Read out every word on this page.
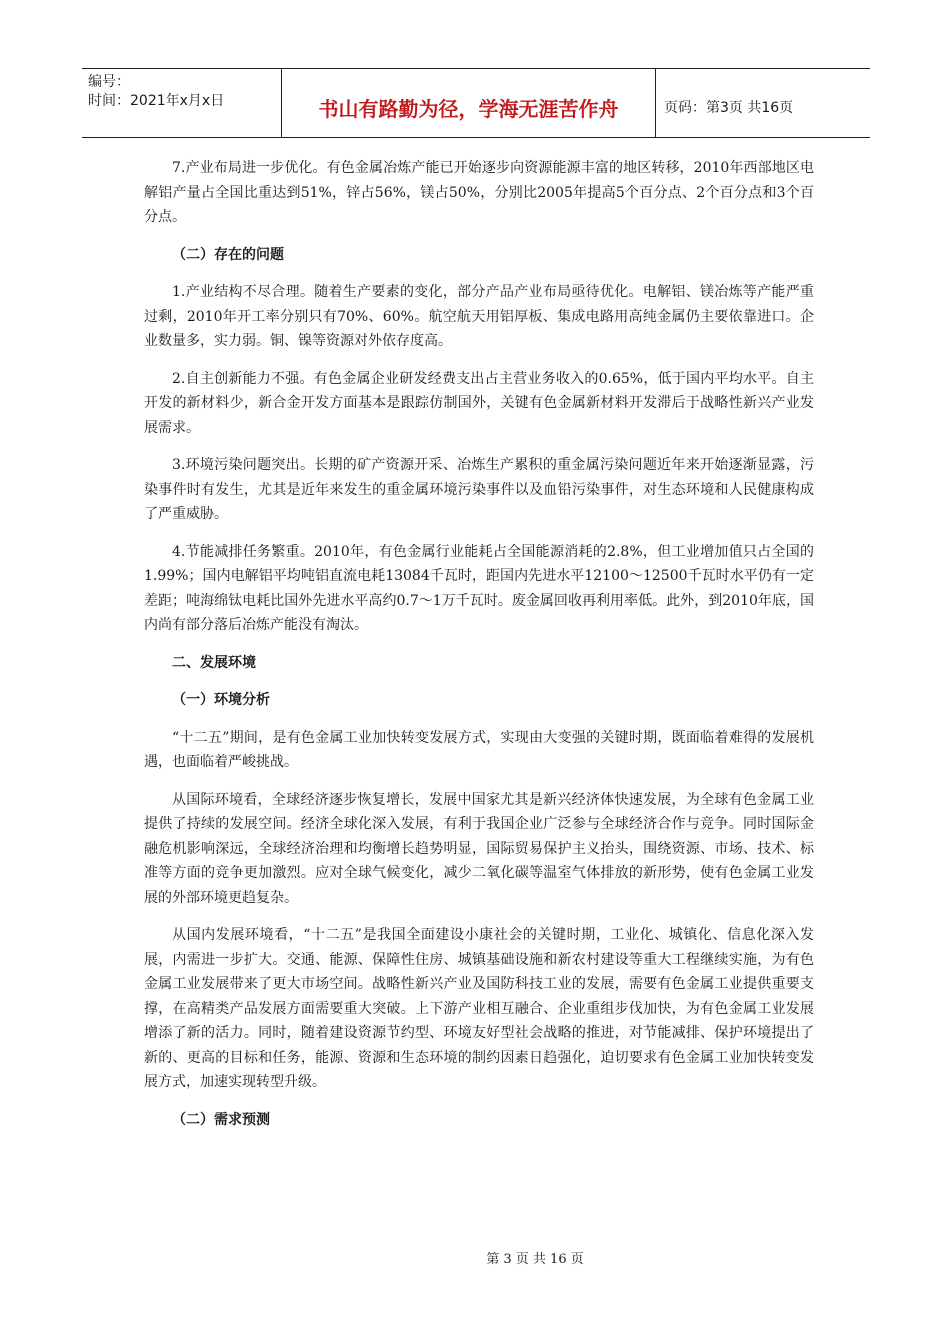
编号：
时间：2021年x月x日	书山有路勤为径，学海无涯苦作舟	页码：第3页 共16页
7.产业布局进一步优化。有色金属冶炼产能已开始逐步向资源能源丰富的地区转移，2010年西部地区电解铝产量占全国比重达到51%，锌占56%，镁占50%，分别比2005年提高5个百分点、2个百分点和3个百分点。
（二）存在的问题
1.产业结构不尽合理。随着生产要素的变化，部分产品产业布局亟待优化。电解铝、镁冶炼等产能严重过剩，2010年开工率分别只有70%、60%。航空航天用铝厚板、集成电路用高纯金属仍主要依靠进口。企业数量多，实力弱。铜、镍等资源对外依存度高。
2.自主创新能力不强。有色金属企业研发经费支出占主营业务收入的0.65%，低于国内平均水平。自主开发的新材料少，新合金开发方面基本是跟踪仿制国外，关键有色金属新材料开发滞后于战略性新兴产业发展需求。
3.环境污染问题突出。长期的矿产资源开采、冶炼生产累积的重金属污染问题近年来开始逐渐显露，污染事件时有发生，尤其是近年来发生的重金属环境污染事件以及血铅污染事件，对生态环境和人民健康构成了严重威胁。
4.节能减排任务繁重。2010年，有色金属行业能耗占全国能源消耗的2.8%，但工业增加值只占全国的1.99%；国内电解铝平均吨铝直流电耗13084千瓦时，距国内先进水平12100～12500千瓦时水平仍有一定差距；吨海绵钛电耗比国外先进水平高约0.7～1万千瓦时。废金属回收再利用率低。此外，到2010年底，国内尚有部分落后冶炼产能没有淘汰。
二、发展环境
（一）环境分析
“十二五”期间，是有色金属工业加快转变发展方式，实现由大变强的关键时期，既面临着难得的发展机遇，也面临着严峻挑战。
从国际环境看，全球经济逐步恢复增长，发展中国家尤其是新兴经济体快速发展，为全球有色金属工业提供了持续的发展空间。经济全球化深入发展，有利于我国企业广泛参与全球经济合作与竞争。同时国际金融危机影响深远，全球经济治理和均衡增长趋势明显，国际贸易保护主义抬头，围绕资源、市场、技术、标准等方面的竞争更加激烈。应对全球气候变化，减少二氧化碳等温室气体排放的新形势，使有色金属工业发展的外部环境更趋复杂。
从国内发展环境看，“十二五”是我国全面建设小康社会的关键时期，工业化、城镇化、信息化深入发展，内需进一步扩大。交通、能源、保障性住房、城镇基础设施和新农村建设等重大工程继续实施，为有色金属工业发展带来了更大市场空间。战略性新兴产业及国防科技工业的发展，需要有色金属工业提供重要支撑，在高精类产品发展方面需要重大突破。上下游产业相互融合、企业重组步伐加快，为有色金属工业发展增添了新的活力。同时，随着建设资源节约型、环境友好型社会战略的推进，对节能减排、保护环境提出了新的、更高的目标和任务，能源、资源和生态环境的制约因素日趋强化，迫切要求有色金属工业加快转变发展方式，加速实现转型升级。
（二）需求预测
第 3 页 共 16 页
